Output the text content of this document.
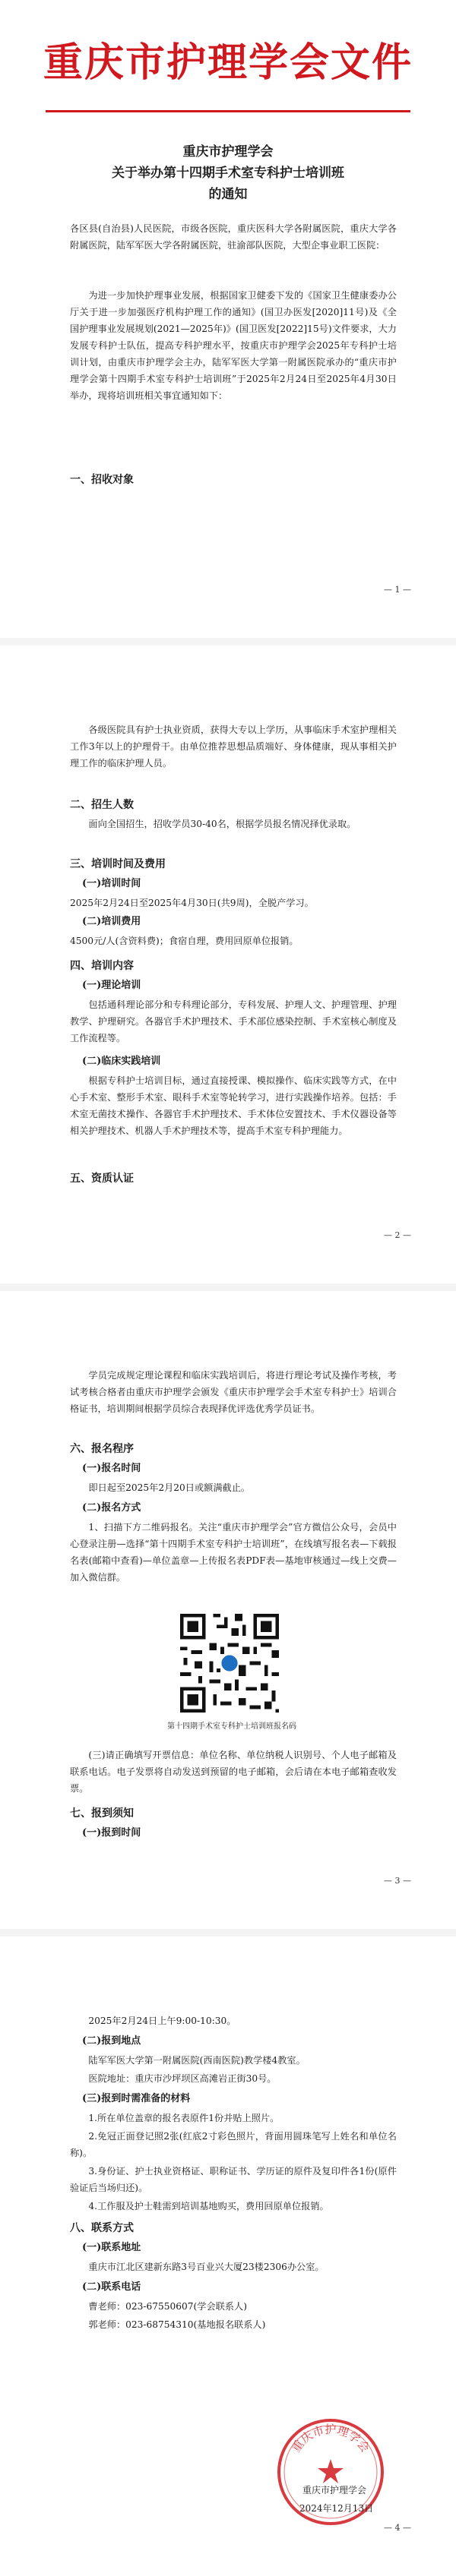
重庆市护理学会文件
重庆市护理学会
关于举办第十四期手术室专科护士培训班
的通知
各区县(自治县)人民医院，市级各医院，重庆医科大学各附属医院，重庆大学各附属医院，陆军军医大学各附属医院，驻渝部队医院，大型企事业职工医院：
为进一步加快护理事业发展，根据国家卫健委下发的《国家卫生健康委办公厅关于进一步加强医疗机构护理工作的通知》(国卫办医发[2020]11号)及《全国护理事业发展规划(2021—2025年)》(国卫医发[2022]15号)文件要求，大力发展专科护士队伍，提高专科护理水平，按重庆市护理学会2025年专科护士培训计划，由重庆市护理学会主办，陆军军医大学第一附属医院承办的“重庆市护理学会第十四期手术室专科护士培训班”于2025年2月24日至2025年4月30日举办，现将培训班相关事宜通知如下：
一、招收对象
— 1 —
各级医院具有护士执业资质，获得大专以上学历，从事临床手术室护理相关工作3年以上的护理骨干。由单位推荐思想品质端好、身体健康，现从事相关护理工作的临床护理人员。
二、招生人数
面向全国招生，招收学员30-40名，根据学员报名情况择优录取。
三、培训时间及费用
(一)培训时间
2025年2月24日至2025年4月30日(共9周)，全脱产学习。
(二)培训费用
4500元/人(含资料费)；食宿自理，费用回原单位报销。
四、培训内容
(一)理论培训
包括通科理论部分和专科理论部分，专科发展、护理人文、护理管理、护理教学、护理研究。各器官手术护理技术、手术部位感染控制、手术室核心制度及工作流程等。
(二)临床实践培训
根据专科护士培训目标，通过直接授课、模拟操作、临床实践等方式，在中心手术室、整形手术室、眼科手术室等轮转学习，进行实践操作培养。包括：手术室无菌技术操作、各器官手术护理技术、手术体位安置技术、手术仪器设备等相关护理技术、机器人手术护理技术等，提高手术室专科护理能力。
五、资质认证
— 2 —
学员完成规定理论课程和临床实践培训后，将进行理论考试及操作考核，考试考核合格者由重庆市护理学会颁发《重庆市护理学会手术室专科护士》培训合格证书，培训期间根据学员综合表现择优评选优秀学员证书。
六、报名程序
(一)报名时间
即日起至2025年2月20日或额满截止。
(二)报名方式
1、扫描下方二维码报名。关注“重庆市护理学会”官方微信公众号，会员中心登录注册—选择“第十四期手术室专科护士培训班”，在线填写报名表—下载报名表(邮箱中查看)—单位盖章—上传报名表PDF表—基地审核通过—线上交费—加入微信群。
第十四期手术室专科护士培训班报名码
(三)请正确填写开票信息：单位名称、单位纳税人识别号、个人电子邮箱及联系电话。电子发票将自动发送到预留的电子邮箱，会后请在本电子邮箱查收发票。
七、报到须知
(一)报到时间
— 3 —
2025年2月24日上午9:00-10:30。
(二)报到地点
陆军军医大学第一附属医院(西南医院)教学楼4教室。
医院地址：重庆市沙坪坝区高滩岩正街30号。
(三)报到时需准备的材料
1.所在单位盖章的报名表原件1份并贴上照片。
2.免冠正面登记照2张(红底2寸彩色照片，背面用圆珠笔写上姓名和单位名称)。
3.身份证、护士执业资格证、职称证书、学历证的原件及复印件各1份(原件验证后当场归还)。
4.工作服及护士鞋需到培训基地购买，费用回原单位报销。
八、联系方式
(一)联系地址
重庆市江北区建新东路3号百业兴大厦23楼2306办公室。
(二)联系电话
曹老师：023-67550607(学会联系人)
郭老师：023-68754310(基地报名联系人)
— 4 —
重庆市护理学会
重庆市护理学会
2024年12月13日
